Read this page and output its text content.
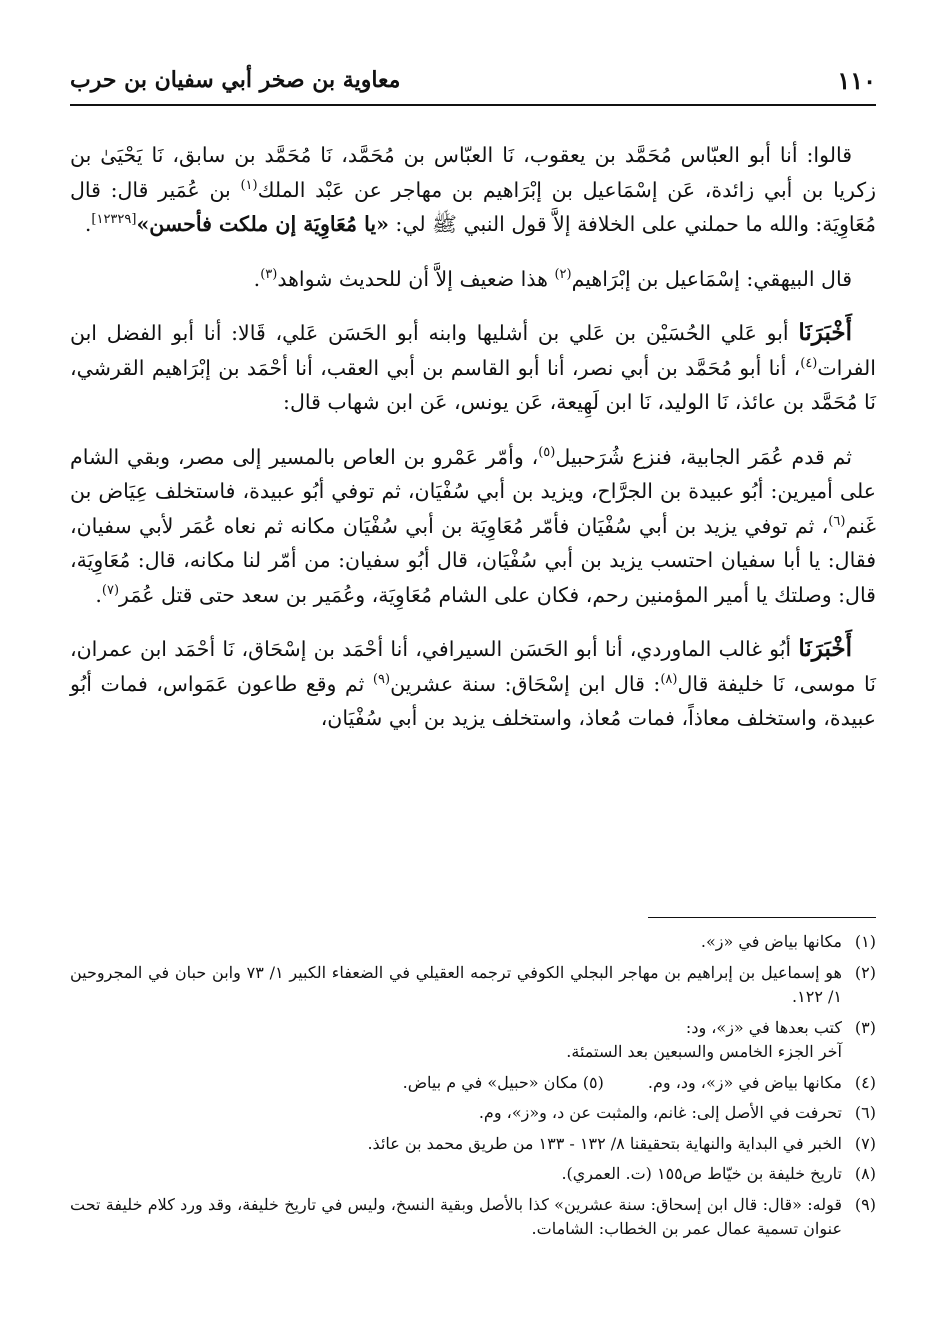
١١٠
معاوية بن صخر أبي سفيان بن حرب

قالوا: أنا أبو العبّاس مُحَمَّد بن يعقوب، نَا العبّاس بن مُحَمَّد، نَا مُحَمَّد بن سابق، نَا يَحْيَىٰ بن زكريا بن أبي زائدة، عَن إسْمَاعيل بن إبْرَاهيم بن مهاجر عن عَبْد الملك$^{(١)}$ بن عُمَير قال: قال مُعَاوِيَة: والله ما حملني على الخلافة إلاَّ قول النبي ﷺ لي: «يا مُعَاوِيَة إن ملكت فأحسن»[١٢٣٢٩].

قال البيهقي: إسْمَاعيل بن إبْرَاهيم$^{(٢)}$ هذا ضعيف إلاَّ أن للحديث شواهد$^{(٣)}$.

أَخْبَرَنَا أبو عَلي الحُسَيْن بن عَلي بن أشليها وابنه أبو الحَسَن عَلي، قَالا: أنا أبو الفضل ابن الفرات$^{(٤)}$، أنا أبو مُحَمَّد بن أبي نصر، أنا أبو القاسم بن أبي العقب، أنا أحْمَد بن إبْرَاهيم القرشي، نَا مُحَمَّد بن عائذ، نَا الوليد، نَا ابن لَهِيعة، عَن يونس، عَن ابن شهاب قال:

ثم قدم عُمَر الجابية، فنزع شُرَحبيل$^{(٥)}$، وأمّر عَمْرو بن العاص بالمسير إلى مصر، وبقي الشام على أميرين: أبُو عبيدة بن الجرَّاح، ويزيد بن أبي سُفْيَان، ثم توفي أبُو عبيدة، فاستخلف عِيَاض بن غَنم$^{(٦)}$، ثم توفي يزيد بن أبي سُفْيَان فأمّر مُعَاوِيَة بن أبي سُفْيَان مكانه ثم نعاه عُمَر لأبي سفيان، فقال: يا أبا سفيان احتسب يزيد بن أبي سُفْيَان، قال أبُو سفيان: من أمّر لنا مكانه، قال: مُعَاوِيَة، قال: وصلتك يا أمير المؤمنين رحم، فكان على الشام مُعَاوِيَة، وعُمَير بن سعد حتى قتل عُمَر$^{(٧)}$.

أَخْبَرَنَا أبُو غالب الماوردي، أنا أبو الحَسَن السيرافي، أنا أحْمَد بن إسْحَاق، نَا أحْمَد ابن عمران، نَا موسى، نَا خليفة قال$^{(٨)}$: قال ابن إسْحَاق: سنة عشرين$^{(٩)}$ ثم وقع طاعون عَمَواس، فمات أبُو عبيدة، واستخلف معاذاً، فمات مُعاذ، واستخلف يزيد بن أبي سُفْيَان،

(١)
مكانها بياض في «ز».
(٢)
هو إسماعيل بن إبراهيم بن مهاجر البجلي الكوفي ترجمه العقيلي في الضعفاء الكبير ١/ ٧٣ وابن حبان في المجروحين ١/ ١٢٢.
(٣)
كتب بعدها في «ز»، ود:
آخر الجزء الخامس والسبعين بعد الستمئة.
(٤)
مكانها بياض في «ز»، ود، وم.
(٥) مكان «حبيل» في م بياض.
(٦)
تحرفت في الأصل إلى: غانم، والمثبت عن د، و«ز»، وم.
(٧)
الخبر في البداية والنهاية بتحقيقنا ٨/ ١٣٢ - ١٣٣ من طريق محمد بن عائذ.
(٨)
تاريخ خليفة بن خيّاط ص١٥٥ (ت. العمري).
(٩)
قوله: «قال: قال ابن إسحاق: سنة عشرين» كذا بالأصل وبقية النسخ، وليس في تاريخ خليفة، وقد ورد كلام خليفة تحت عنوان تسمية عمال عمر بن الخطاب: الشامات.
